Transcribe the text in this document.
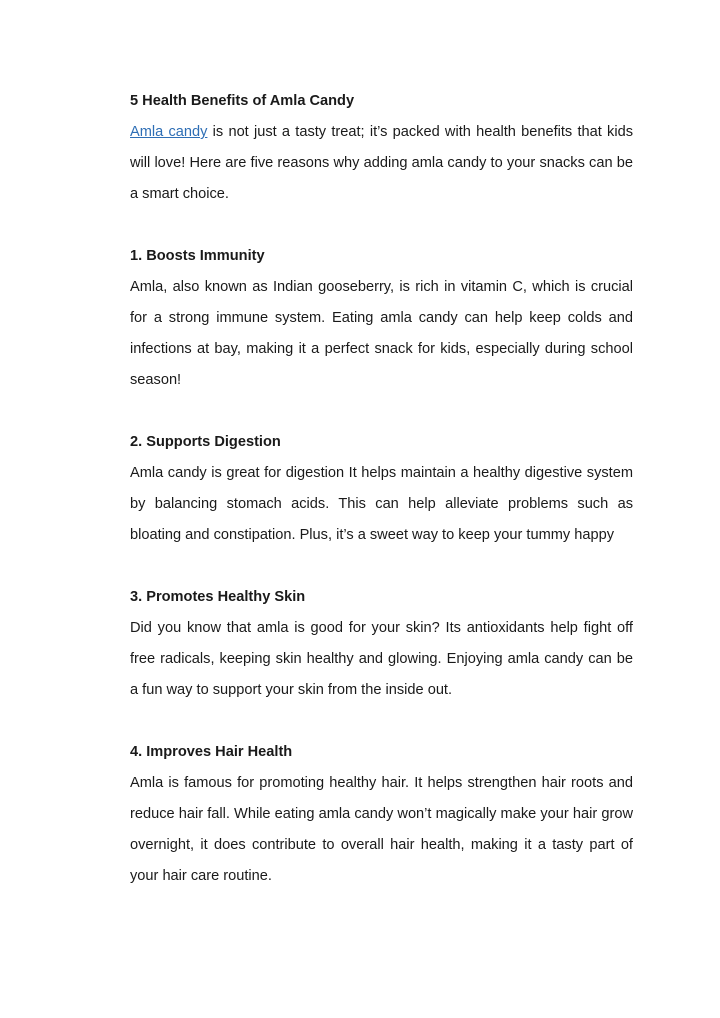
5 Health Benefits of Amla Candy

Amla candy is not just a tasty treat; it’s packed with health benefits that kids will love! Here are five reasons why adding amla candy to your snacks can be a smart choice.

1. Boosts Immunity

Amla, also known as Indian gooseberry, is rich in vitamin C, which is crucial for a strong immune system. Eating amla candy can help keep colds and infections at bay, making it a perfect snack for kids, especially during school season!

2. Supports Digestion

Amla candy is great for digestion It helps maintain a healthy digestive system by balancing stomach acids. This can help alleviate problems such as bloating and constipation. Plus, it’s a sweet way to keep your tummy happy

3. Promotes Healthy Skin

Did you know that amla is good for your skin? Its antioxidants help fight off free radicals, keeping skin healthy and glowing. Enjoying amla candy can be a fun way to support your skin from the inside out.

4. Improves Hair Health

Amla is famous for promoting healthy hair. It helps strengthen hair roots and reduce hair fall. While eating amla candy won’t magically make your hair grow overnight, it does contribute to overall hair health, making it a tasty part of your hair care routine.
